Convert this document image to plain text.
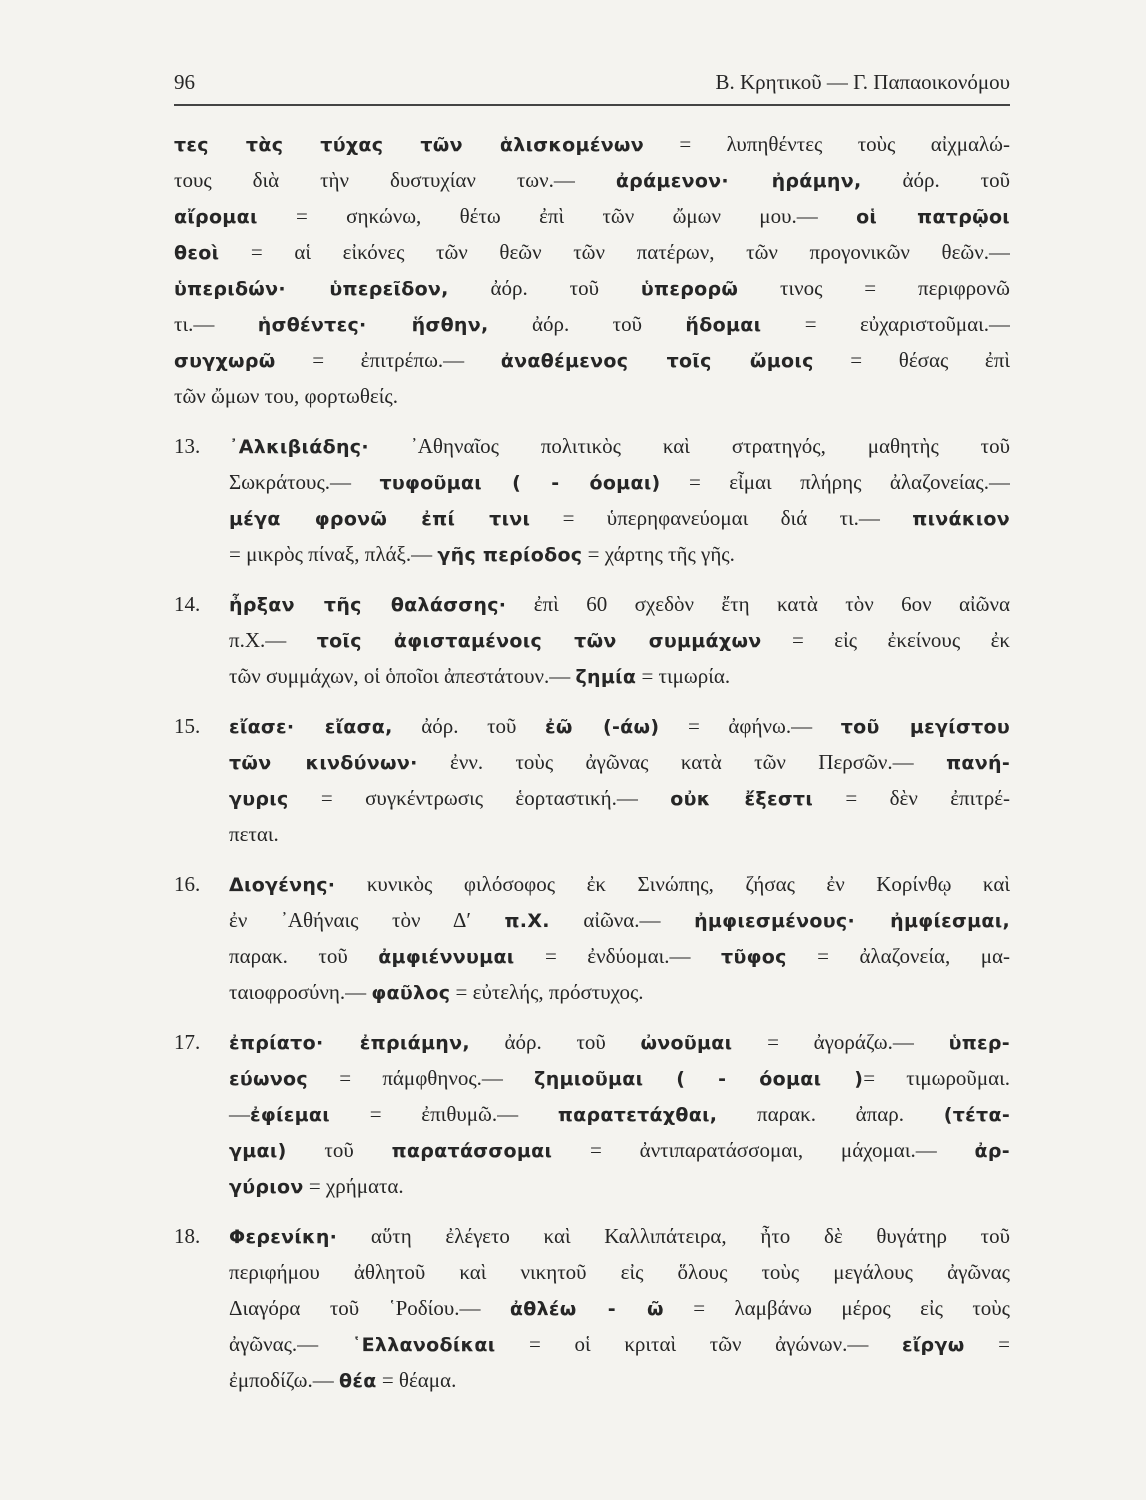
96	Β. Κρητικοῦ — Γ. Παπαοικονόμου
τες τὰς τύχας τῶν ἁλισκομένων = λυπηθέντες τοὺς αἰχμαλώ-
τους διὰ τὴν δυστυχίαν των.— ἀράμενον· ἠράμην, ἀόρ. τοῦ
αἴρομαι = σηκώνω, θέτω ἐπὶ τῶν ὤμων μου.— οἱ πατρῷοι
θεοὶ = αἱ εἰκόνες τῶν θεῶν τῶν πατέρων, τῶν προγονικῶν θεῶν.—
ὑπεριδών· ὑπερεῖδον, ἀόρ. τοῦ ὑπερορῶ τινος = περιφρονῶ
τι.— ἡσθέντες· ἥσθην, ἀόρ. τοῦ ἥδομαι = εὐχαριστοῦμαι.—
συγχωρῶ = ἐπιτρέπω.— ἀναθέμενος τοῖς ὤμοις = θέσας ἐπὶ
τῶν ὤμων του, φορτωθείς.
13. ᾿Αλκιβιάδης· ᾿Αθηναῖος πολιτικὸς καὶ στρατηγός, μαθητὴς τοῦ
Σωκράτους.— τυφοῦμαι ( - όομαι) = εἶμαι πλήρης ἀλαζονείας.—
μέγα φρονῶ ἐπί τινι = ὑπερηφανεύομαι διά τι.— πινάκιον
= μικρὸς πίναξ, πλάξ.— γῆς περίοδος = χάρτης τῆς γῆς.
14. ἦρξαν τῆς θαλάσσης· ἐπὶ 60 σχεδὸν ἔτη κατὰ τὸν 6ον αἰῶνα
π.Χ.— τοῖς ἀφισταμένοις τῶν συμμάχων = εἰς ἐκείνους ἐκ
τῶν συμμάχων, οἱ ὁποῖοι ἀπεστάτουν.— ζημία = τιμωρία.
15. εἴασε· εἴασα, ἀόρ. τοῦ ἐῶ (-άω) = ἀφήνω.— τοῦ μεγίστου
τῶν κινδύνων· ἐνν. τοὺς ἀγῶνας κατὰ τῶν Περσῶν.— πανή-
γυρις = συγκέντρωσις ἑορταστική.— οὐκ ἔξεστι = δὲν ἐπιτρέ-
πεται.
16. Διογένης· κυνικὸς φιλόσοφος ἐκ Σινώπης, ζήσας ἐν Κορίνθῳ καὶ
ἐν ᾿Αθήναις τὸν Δ′ π.Χ. αἰῶνα.— ἠμφιεσμένους· ἠμφίεσμαι,
παρακ. τοῦ ἀμφιέννυμαι = ἐνδύομαι.— τῦφος = ἀλαζονεία, μα-
ταιοφροσύνη.— φαῦλος = εὐτελής, πρόστυχος.
17. ἐπρίατο· ἐπριάμην, ἀόρ. τοῦ ὠνοῦμαι = ἀγοράζω.— ὑπερ-
εύωνος = πάμφθηνος.— ζημιοῦμαι ( - όομαι )= τιμωροῦμαι.
—ἐφίεμαι = ἐπιθυμῶ.— παρατετάχθαι, παρακ. ἀπαρ. (τέτα-
γμαι) τοῦ παρατάσσομαι = ἀντιπαρατάσσομαι, μάχομαι.— ἀρ-
γύριον = χρήματα.
18. Φερενίκη· αὕτη ἐλέγετο καὶ Καλλιπάτειρα, ἦτο δὲ θυγάτηρ τοῦ
περιφήμου ἀθλητοῦ καὶ νικητοῦ εἰς ὅλους τοὺς μεγάλους ἀγῶνας
Διαγόρα τοῦ ῾Ροδίου.— ἀθλέω - ῶ = λαμβάνω μέρος εἰς τοὺς
ἀγῶνας.— ῾Ελλανοδίκαι = οἱ κριταὶ τῶν ἀγώνων.— εἴργω =
ἐμποδίζω.— θέα = θέαμα.
